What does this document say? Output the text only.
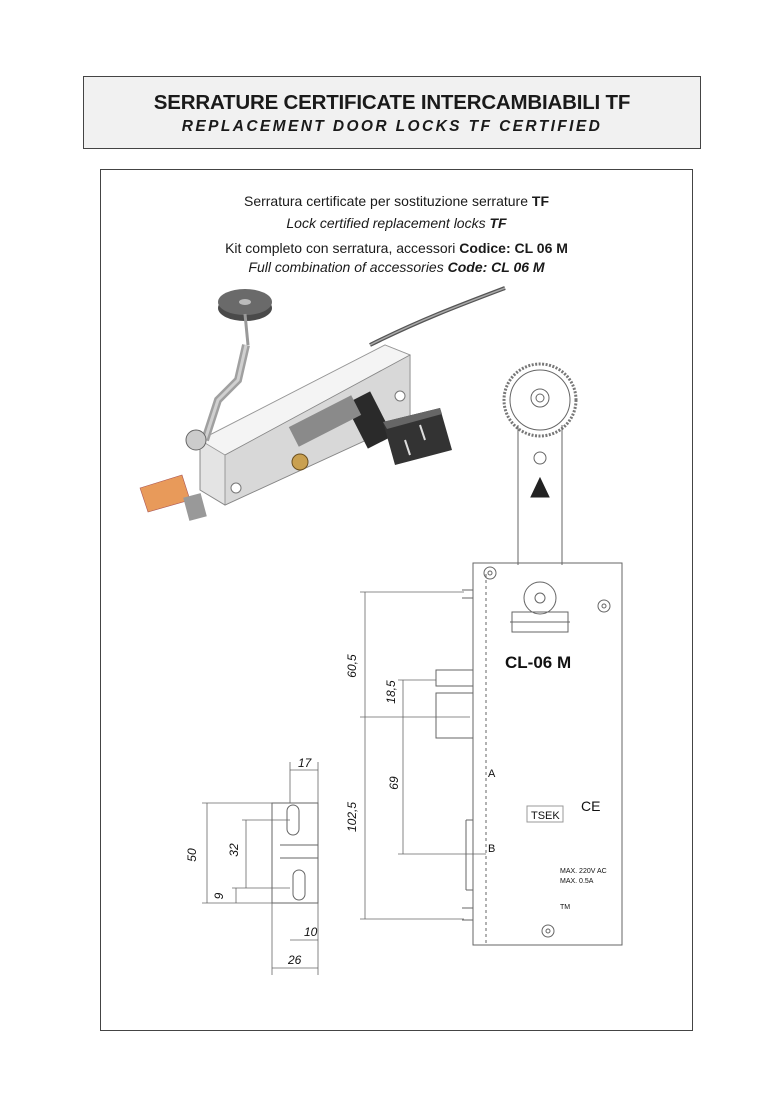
SERRATURE CERTIFICATE INTERCAMBIABILI TF
REPLACEMENT DOOR LOCKS TF CERTIFIED
Serratura certificate per sostituzione serrature TF
Lock certified replacement locks TF
Kit completo con serratura, accessori Codice: CL 06 M
Full combination of accessories Code: CL 06 M
CL-06 M
TSEK
CE
A
B
MAX. 220V AC
MAX. 0.5A
TM
60,5
18,5
69
102,5
17
50 32
9
10
26
